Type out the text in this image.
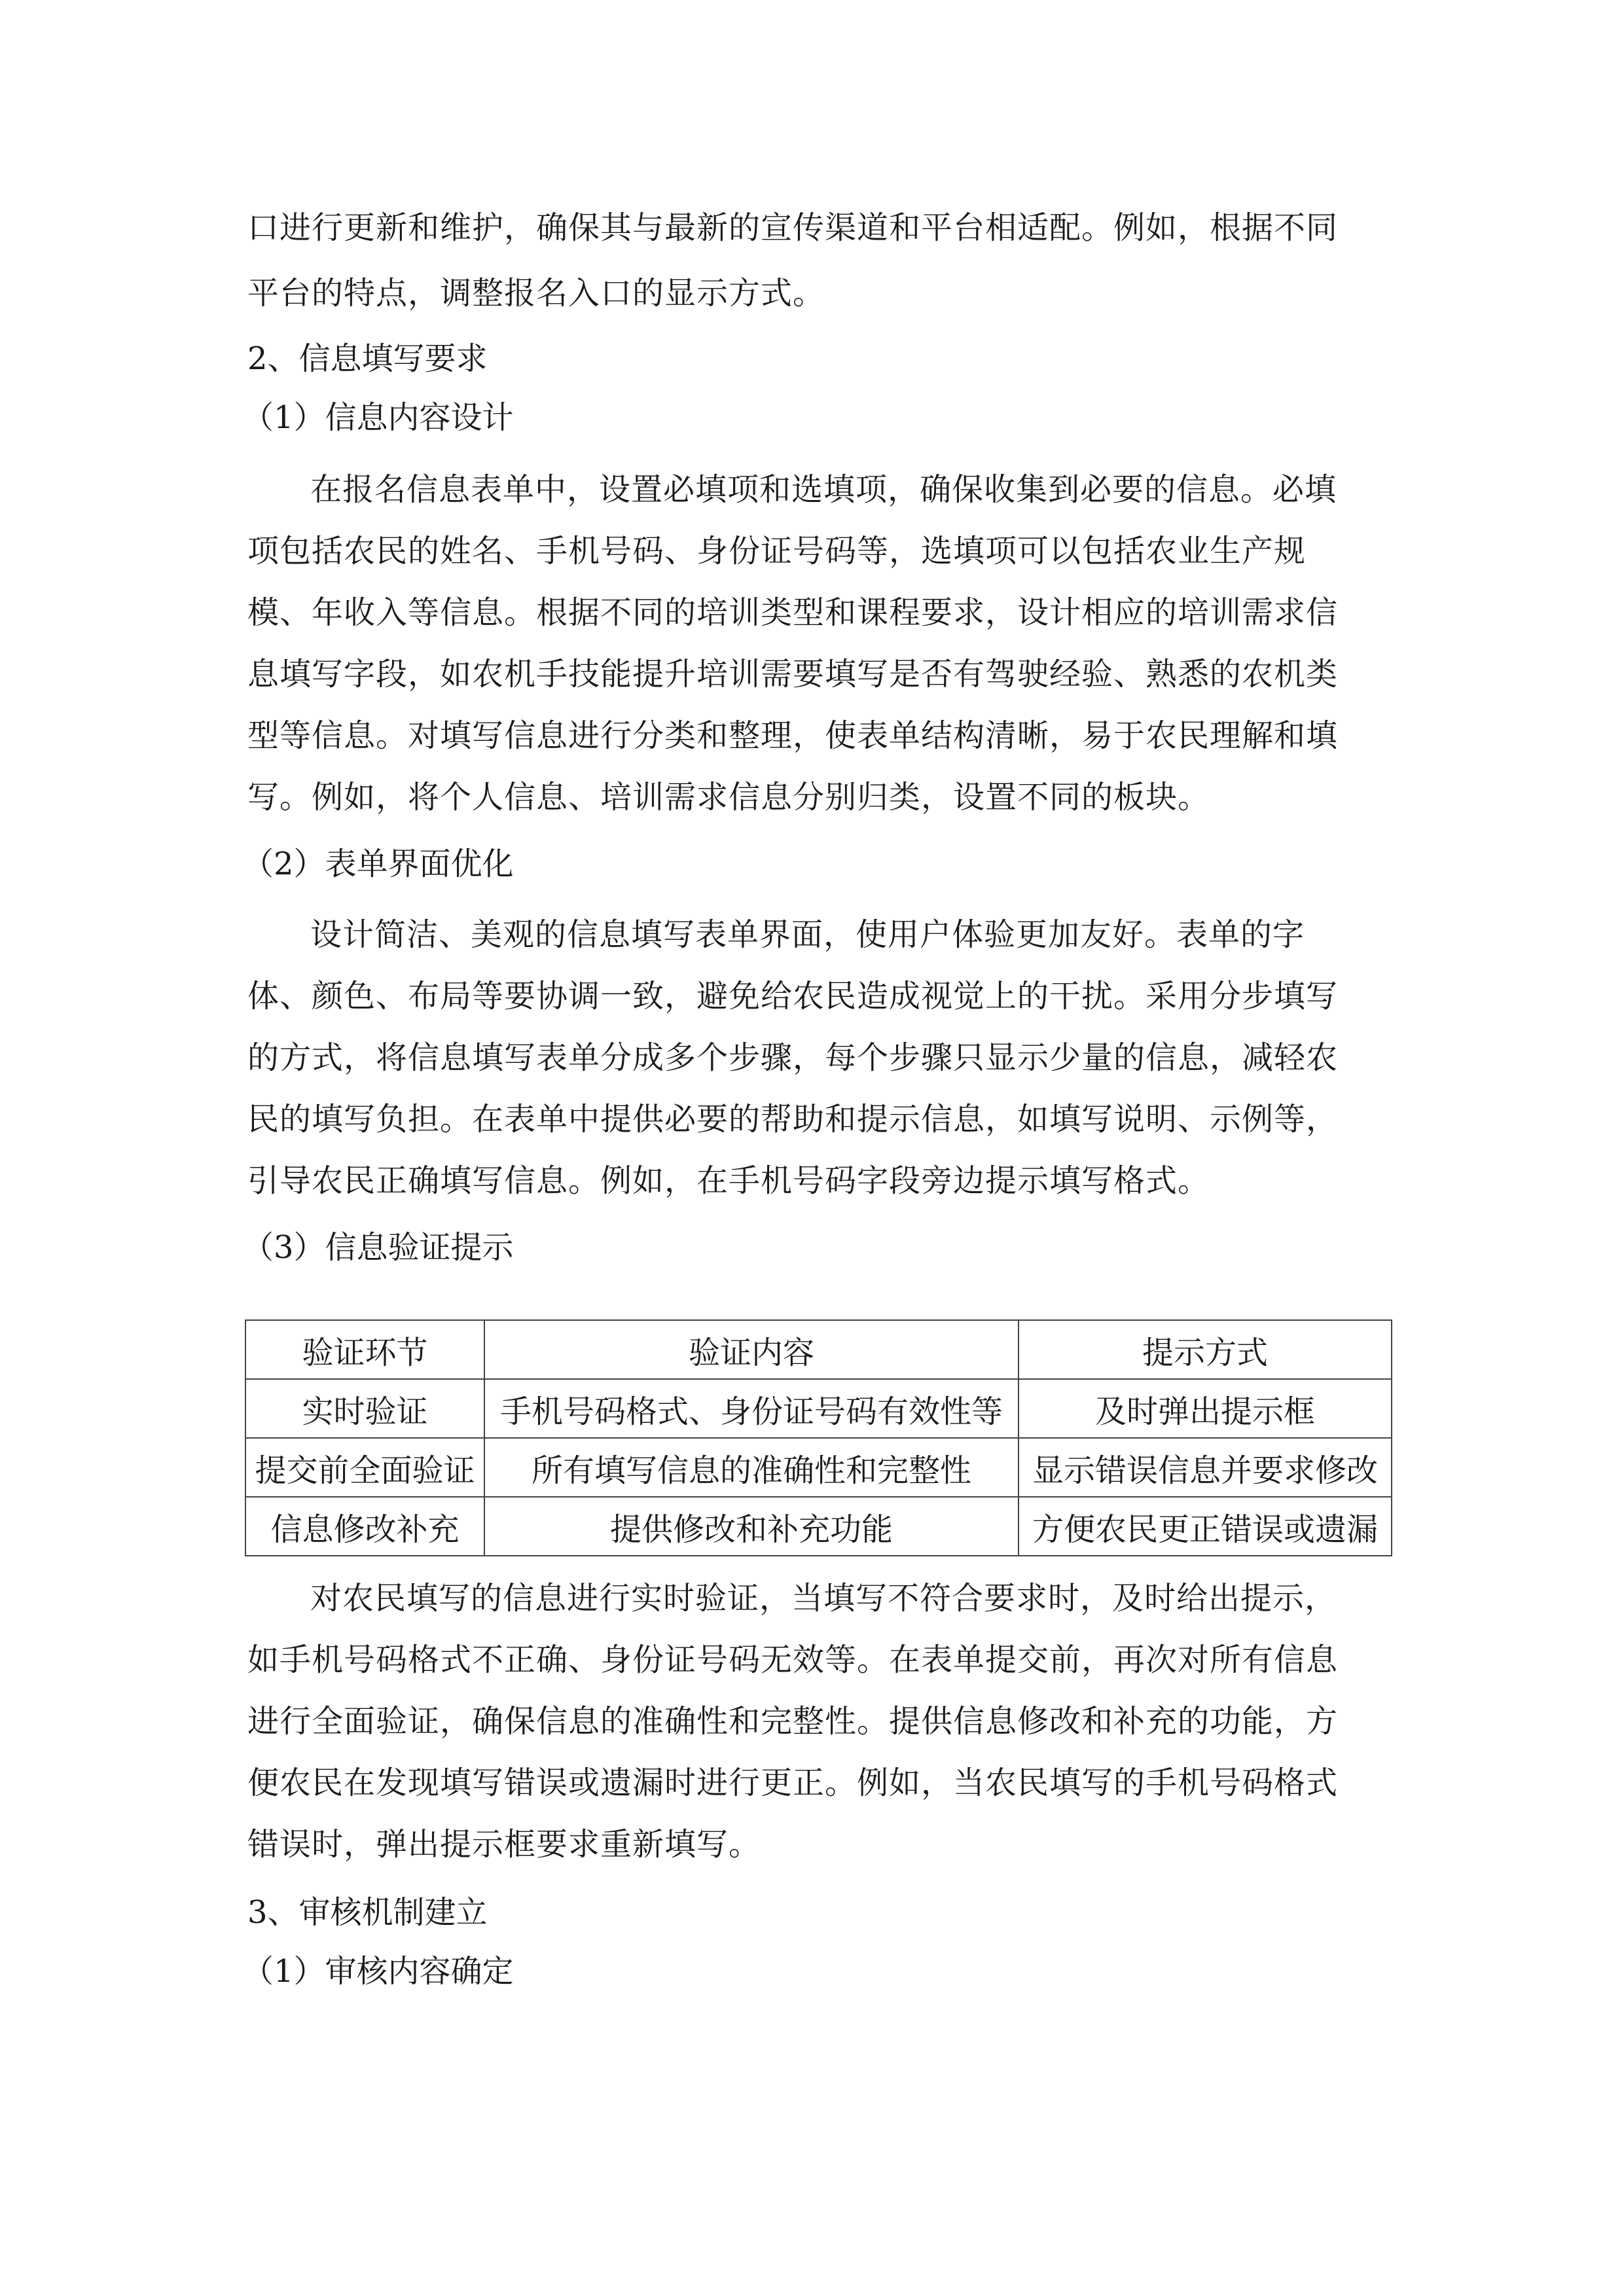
口进行更新和维护，确保其与最新的宣传渠道和平台相适配。例如，根据不同
平台的特点，调整报名入口的显示方式。
2、信息填写要求
（1）信息内容设计
在报名信息表单中，设置必填项和选填项，确保收集到必要的信息。必填
项包括农民的姓名、手机号码、身份证号码等，选填项可以包括农业生产规
模、年收入等信息。根据不同的培训类型和课程要求，设计相应的培训需求信
息填写字段，如农机手技能提升培训需要填写是否有驾驶经验、熟悉的农机类
型等信息。对填写信息进行分类和整理，使表单结构清晰，易于农民理解和填
写。例如，将个人信息、培训需求信息分别归类，设置不同的板块。
（2）表单界面优化
设计简洁、美观的信息填写表单界面，使用户体验更加友好。表单的字
体、颜色、布局等要协调一致，避免给农民造成视觉上的干扰。采用分步填写
的方式，将信息填写表单分成多个步骤，每个步骤只显示少量的信息，减轻农
民的填写负担。在表单中提供必要的帮助和提示信息，如填写说明、示例等，
引导农民正确填写信息。例如，在手机号码字段旁边提示填写格式。
（3）信息验证提示
验证环节	验证内容	提示方式
实时验证	手机号码格式、身份证号码有效性等	及时弹出提示框
提交前全面验证	所有填写信息的准确性和完整性	显示错误信息并要求修改
信息修改补充	提供修改和补充功能	方便农民更正错误或遗漏
对农民填写的信息进行实时验证，当填写不符合要求时，及时给出提示，
如手机号码格式不正确、身份证号码无效等。在表单提交前，再次对所有信息
进行全面验证，确保信息的准确性和完整性。提供信息修改和补充的功能，方
便农民在发现填写错误或遗漏时进行更正。例如，当农民填写的手机号码格式
错误时，弹出提示框要求重新填写。
3、审核机制建立
（1）审核内容确定
